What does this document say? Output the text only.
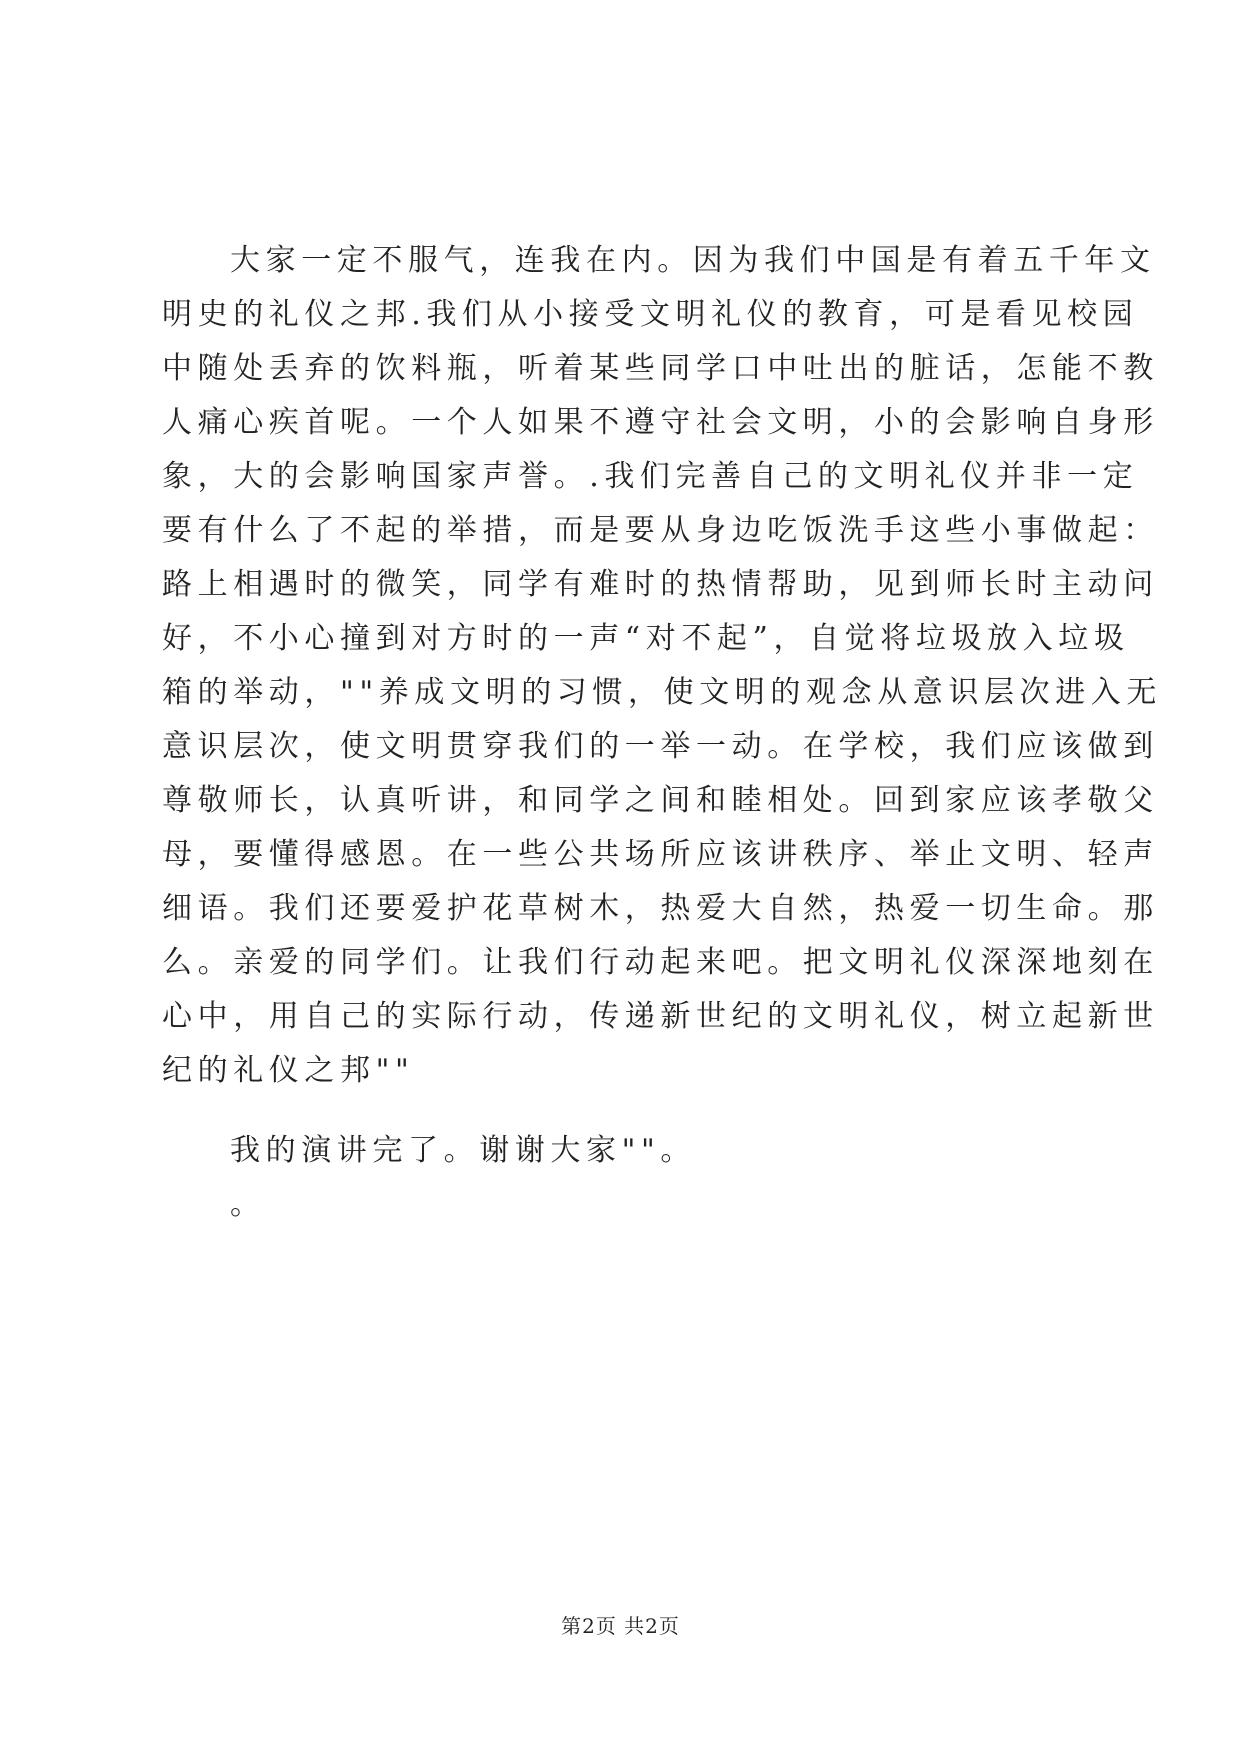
大家一定不服气，连我在内。因为我们中国是有着五千年文
明史的礼仪之邦.我们从小接受文明礼仪的教育，可是看见校园
中随处丢弃的饮料瓶，听着某些同学口中吐出的脏话，怎能不教
人痛心疾首呢。一个人如果不遵守社会文明，小的会影响自身形
象，大的会影响国家声誉。.我们完善自己的文明礼仪并非一定
要有什么了不起的举措，而是要从身边吃饭洗手这些小事做起：
路上相遇时的微笑，同学有难时的热情帮助，见到师长时主动问
好，不小心撞到对方时的一声“对不起”，自觉将垃圾放入垃圾
箱的举动，""养成文明的习惯，使文明的观念从意识层次进入无
意识层次，使文明贯穿我们的一举一动。在学校，我们应该做到
尊敬师长，认真听讲，和同学之间和睦相处。回到家应该孝敬父
母，要懂得感恩。在一些公共场所应该讲秩序、举止文明、轻声
细语。我们还要爱护花草树木，热爱大自然，热爱一切生命。那
么。亲爱的同学们。让我们行动起来吧。把文明礼仪深深地刻在
心中，用自己的实际行动，传递新世纪的文明礼仪，树立起新世
纪的礼仪之邦""
我的演讲完了。谢谢大家""。
。
第2页 共2页
